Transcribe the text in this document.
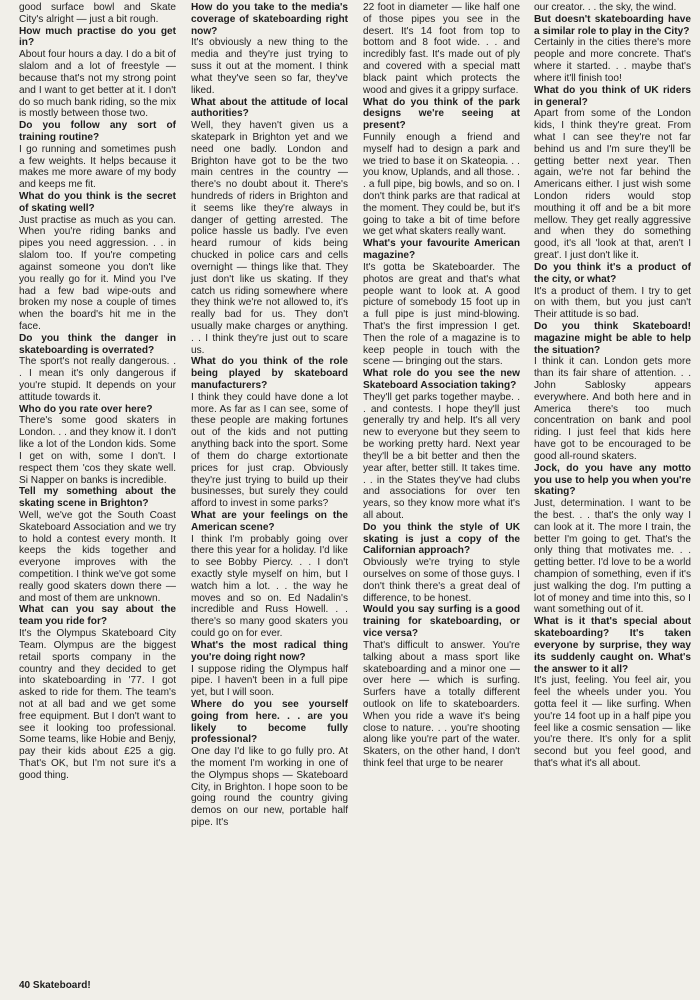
good surface bowl and Skate City's alright — just a bit rough.

How much practise do you get in?

About four hours a day. I do a bit of slalom and a lot of freestyle — because that's not my strong point and I want to get better at it. I don't do so much bank riding, so the mix is mostly between those two.

Do you follow any sort of training routine?

I go running and sometimes push a few weights. It helps because it makes me more aware of my body and keeps me fit.

What do you think is the secret of skating well?

Just practise as much as you can. When you're riding banks and pipes you need aggression. . . in slalom too. If you're competing against someone you don't like you really go for it. Mind you I've had a few bad wipe-outs and broken my nose a couple of times when the board's hit me in the face.

Do you think the danger in skateboarding is overrated?

The sport's not really dangerous. . . I mean it's only dangerous if you're stupid. It depends on your attitude towards it.

Who do you rate over here?

There's some good skaters in London. . . and they know it. I don't like a lot of the London kids. Some I get on with, some I don't. I respect them 'cos they skate well. Si Napper on banks is incredible.

Tell my something about the skating scene in Brighton?

Well, we've got the South Coast Skateboard Association and we try to hold a contest every month. It keeps the kids together and everyone improves with the competition. I think we've got some really good skaters down there — and most of them are unknown.

What can you say about the team you ride for?

It's the Olympus Skateboard City Team. Olympus are the biggest retail sports company in the country and they decided to get into skateboarding in '77. I got asked to ride for them. The team's not at all bad and we get some free equipment. But I don't want to see it looking too professional. Some teams, like Hobie and Benjy, pay their kids about £25 a gig. That's OK, but I'm not sure it's a good thing.

How do you take to the media's coverage of skateboarding right now?

It's obviously a new thing to the media and they're just trying to suss it out at the moment. I think what they've seen so far, they've liked.

What about the attitude of local authorities?

Well, they haven't given us a skatepark in Brighton yet and we need one badly. London and Brighton have got to be the two main centres in the country — there's no doubt about it. There's hundreds of riders in Brighton and it seems like they're always in danger of getting arrested. The police hassle us badly. I've even heard rumour of kids being chucked in police cars and cells overnight — things like that. They just don't like us skating. If they catch us riding somewhere where they think we're not allowed to, it's really bad for us. They don't usually make charges or anything. . . I think they're just out to scare us.

What do you think of the role being played by skateboard manufacturers?

I think they could have done a lot more. As far as I can see, some of these people are making fortunes out of the kids and not putting anything back into the sport. Some of them do charge extortionate prices for just crap. Obviously they're just trying to build up their businesses, but surely they could afford to invest in some parks?

What are your feelings on the American scene?

I think I'm probably going over there this year for a holiday. I'd like to see Bobby Piercy. . . I don't exactly style myself on him, but I watch him a lot. . . the way he moves and so on. Ed Nadalin's incredible and Russ Howell. . . there's so many good skaters you could go on for ever.

What's the most radical thing you're doing right now?

I suppose riding the Olympus half pipe. I haven't been in a full pipe yet, but I will soon.

Where do you see yourself going from here. . . are you likely to become fully professional?

One day I'd like to go fully pro. At the moment I'm working in one of the Olympus shops — Skateboard City, in Brighton. I hope soon to be going round the country giving demos on our new, portable half pipe. It's

22 foot in diameter — like half one of those pipes you see in the desert. It's 14 foot from top to bottom and 8 foot wide. . . and incredibly fast. It's made out of ply and covered with a special matt black paint which protects the wood and gives it a grippy surface.

What do you think of the park designs we're seeing at present?

Funnily enough a friend and myself had to design a park and we tried to base it on Skateopia. . . you know, Uplands, and all those. . . a full pipe, big bowls, and so on. I don't think parks are that radical at the moment. They could be, but it's going to take a bit of time before we get what skaters really want.

What's your favourite American magazine?

It's gotta be Skateboarder. The photos are great and that's what people want to look at. A good picture of somebody 15 foot up in a full pipe is just mind-blowing. That's the first impression I get. Then the role of a magazine is to keep people in touch with the scene — bringing out the stars.

What role do you see the new Skateboard Association taking?

They'll get parks together maybe. . . and contests. I hope they'll just generally try and help. It's all very new to everyone but they seem to be working pretty hard. Next year they'll be a bit better and then the year after, better still. It takes time. . . in the States they've had clubs and associations for over ten years, so they know more what it's all about.

Do you think the style of UK skating is just a copy of the Californian approach?

Obviously we're trying to style ourselves on some of those guys. I don't think there's a great deal of difference, to be honest.

Would you say surfing is a good training for skateboarding, or vice versa?

That's difficult to answer. You're talking about a mass sport like skateboarding and a minor one — over here — which is surfing. Surfers have a totally different outlook on life to skateboarders. When you ride a wave it's being close to nature. . . you're shooting along like you're part of the water. Skaters, on the other hand, I don't think feel that urge to be nearer

our creator. . . the sky, the wind.

But doesn't skateboarding have a similar role to play in the City?

Certainly in the cities there's more people and more concrete. That's where it started. . . maybe that's where it'll finish too!

What do you think of UK riders in general?

Apart from some of the London kids, I think they're great. From what I can see they're not far behind us and I'm sure they'll be getting better next year. Then again, we're not far behind the Americans either. I just wish some London riders would stop mouthing it off and be a bit more mellow. They get really aggressive and when they do something good, it's all 'look at that, aren't I great'. I just don't like it.

Do you think it's a product of the city, or what?

It's a product of them. I try to get on with them, but you just can't Their attitude is so bad.

Do you think Skateboard! magazine might be able to help the situation?

I think it can. London gets more than its fair share of attention. . . John Sablosky appears everywhere. And both here and in America there's too much concentration on bank and pool riding. I just feel that kids here have got to be encouraged to be good all-round skaters.

Jock, do you have any motto you use to help you when you're skating?

Just, determination. I want to be the best. . . that's the only way I can look at it. The more I train, the better I'm going to get. That's the only thing that motivates me. . . getting better. I'd love to be a world champion of something, even if it's just walking the dog. I'm putting a lot of money and time into this, so I want something out of it.

What is it that's special about skateboarding? It's taken everyone by surprise, they way its suddenly caught on. What's the answer to it all?

It's just, feeling. You feel air, you feel the wheels under you. You gotta feel it — like surfing. When you're 14 foot up in a half pipe you feel like a cosmic sensation — like you're there. It's only for a split second but you feel good, and that's what it's all about.

40 Skateboard!
